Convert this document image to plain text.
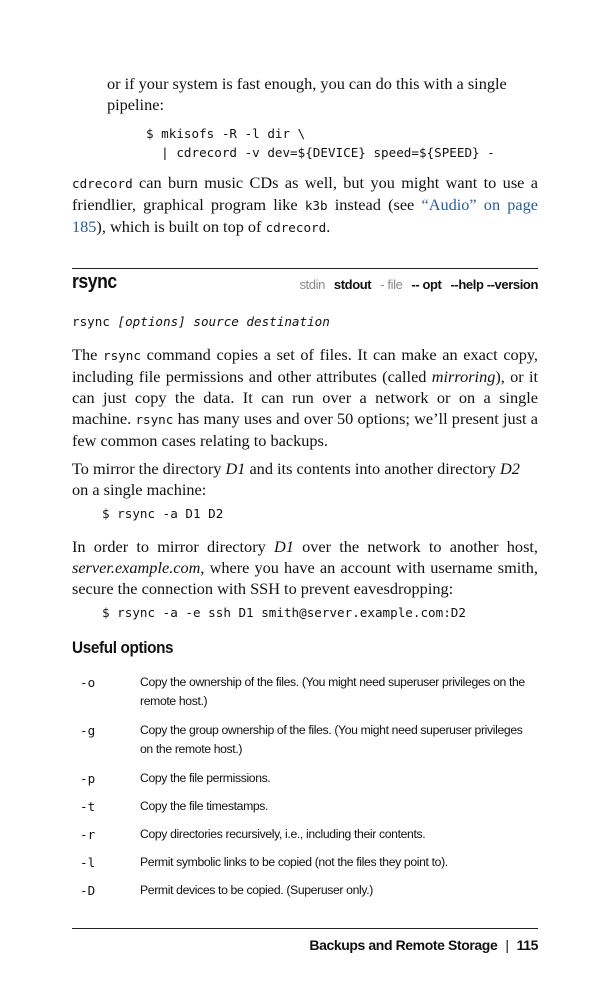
or if your system is fast enough, you can do this with a single pipeline:

$ mkisofs -R -l dir \
| cdrecord -v dev=${DEVICE} speed=${SPEED} -

cdrecord can burn music CDs as well, but you might want to use a friendlier, graphical program like k3b instead (see “Audio” on page 185), which is built on top of cdrecord.

rsync	stdin stdout - file -- opt --help --version
rsync [options] source destination

The rsync command copies a set of files. It can make an exact copy, including file permissions and other attributes (called mirroring), or it can just copy the data. It can run over a network or on a single machine. rsync has many uses and over 50 options; we’ll present just a few common cases relating to backups.

To mirror the directory D1 and its contents into another directory D2 on a single machine:

$ rsync -a D1 D2

In order to mirror directory D1 over the network to another host, server.example.com, where you have an account with username smith, secure the connection with SSH to prevent eavesdropping:

$ rsync -a -e ssh D1 smith@server.example.com:D2
Useful options
-o	Copy the ownership of the files. (You might need superuser privileges on the remote host.)
-g	Copy the group ownership of the files. (You might need superuser privileges on the remote host.)
-p	Copy the file permissions.
-t	Copy the file timestamps.
-r	Copy directories recursively, i.e., including their contents.
-l	Permit symbolic links to be copied (not the files they point to).
-D	Permit devices to be copied. (Superuser only.)
Backups and Remote Storage | 115
